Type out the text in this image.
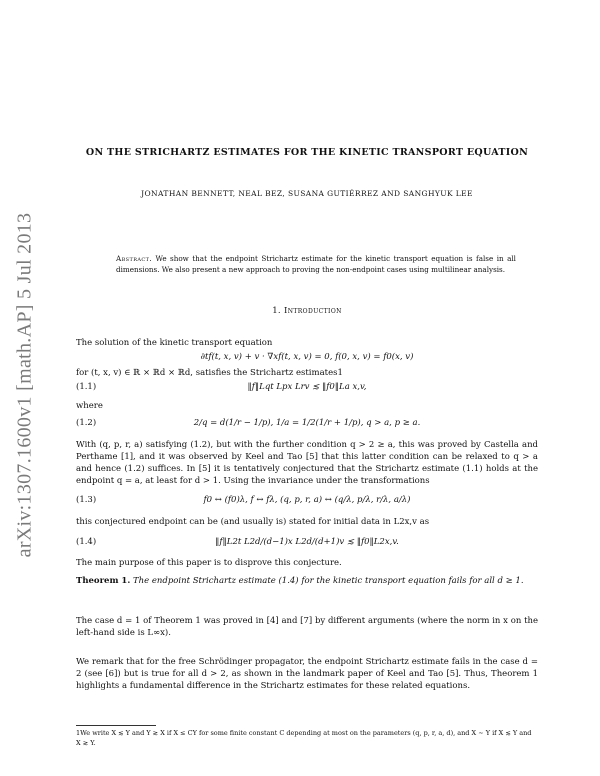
arXiv:1307.1600v1 [math.AP] 5 Jul 2013
ON THE STRICHARTZ ESTIMATES FOR THE KINETIC TRANSPORT EQUATION
JONATHAN BENNETT, NEAL BEZ, SUSANA GUTIÉRREZ AND SANGHYUK LEE
Abstract. We show that the endpoint Strichartz estimate for the kinetic transport equation is false in all dimensions. We also present a new approach to proving the non-endpoint cases using multilinear analysis.
1. Introduction
The solution of the kinetic transport equation
∂tf(t, x, v) + v · ∇xf(t, x, v) = 0, f(0, x, v) = f0(x, v)
for (t, x, v) ∈ ℝ × ℝd × ℝd, satisfies the Strichartz estimates1
(1.1)	‖f‖Lqt Lpx Lrv ≲ ‖f0‖La x,v,
where
(1.2)	2/q = d(1/r − 1/p), 1/a = 1/2(1/r + 1/p), q > a, p ≥ a.
With (q, p, r, a) satisfying (1.2), but with the further condition q > 2 ≥ a, this was proved by Castella and Perthame [1], and it was observed by Keel and Tao [5] that this latter condition can be relaxed to q > a and hence (1.2) suffices. In [5] it is tentatively conjectured that the Strichartz estimate (1.1) holds at the endpoint q = a, at least for d > 1. Using the invariance under the transformations
(1.3)	f0 ↔ (f0)λ, f ↔ fλ, (q, p, r, a) ↔ (q/λ, p/λ, r/λ, a/λ)
this conjectured endpoint can be (and usually is) stated for initial data in L2x,v as
(1.4)	‖f‖L2t L2d/(d−1)x L2d/(d+1)v ≲ ‖f0‖L2x,v.
The main purpose of this paper is to disprove this conjecture.
Theorem 1. The endpoint Strichartz estimate (1.4) for the kinetic transport equation fails for all d ≥ 1.
The case d = 1 of Theorem 1 was proved in [4] and [7] by different arguments (where the norm in x on the left-hand side is L∞x).
We remark that for the free Schrödinger propagator, the endpoint Strichartz estimate fails in the case d = 2 (see [6]) but is true for all d > 2, as shown in the landmark paper of Keel and Tao [5]. Thus, Theorem 1 highlights a fundamental difference in the Strichartz estimates for these related equations.
1We write X ≲ Y and Y ≳ X if X ≤ CY for some finite constant C depending at most on the parameters (q, p, r, a, d), and X ∼ Y if X ≲ Y and X ≳ Y.
